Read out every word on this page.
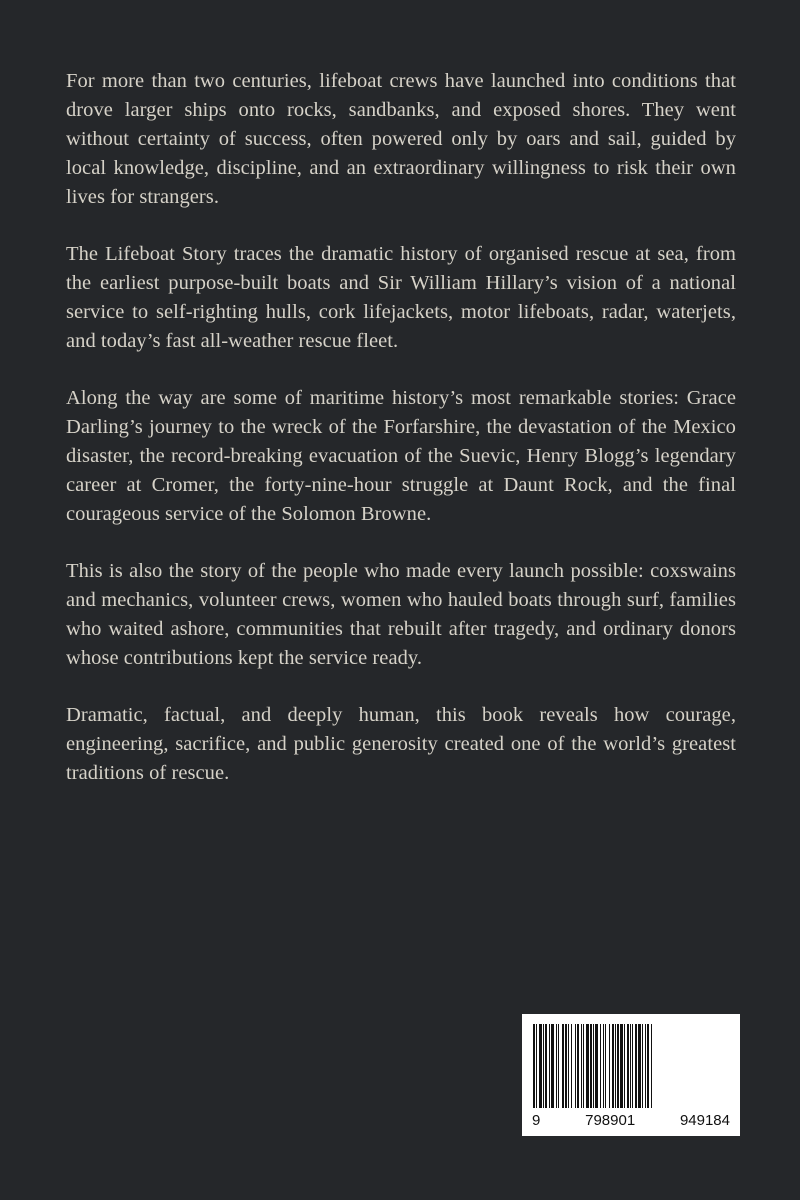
For more than two centuries, lifeboat crews have launched into conditions that drove larger ships onto rocks, sandbanks, and exposed shores. They went without certainty of success, often powered only by oars and sail, guided by local knowledge, discipline, and an extraordinary willingness to risk their own lives for strangers.

The Lifeboat Story traces the dramatic history of organised rescue at sea, from the earliest purpose-built boats and Sir William Hillary’s vision of a national service to self-righting hulls, cork lifejackets, motor lifeboats, radar, waterjets, and today’s fast all-weather rescue fleet.

Along the way are some of maritime history’s most remarkable stories: Grace Darling’s journey to the wreck of the Forfarshire, the devastation of the Mexico disaster, the record-breaking evacuation of the Suevic, Henry Blogg’s legendary career at Cromer, the forty-nine-hour struggle at Daunt Rock, and the final courageous service of the Solomon Browne.

This is also the story of the people who made every launch possible: coxswains and mechanics, volunteer crews, women who hauled boats through surf, families who waited ashore, communities that rebuilt after tragedy, and ordinary donors whose contributions kept the service ready.

Dramatic, factual, and deeply human, this book reveals how courage, engineering, sacrifice, and public generosity created one of the world’s greatest traditions of rescue.

9	798901	949184
